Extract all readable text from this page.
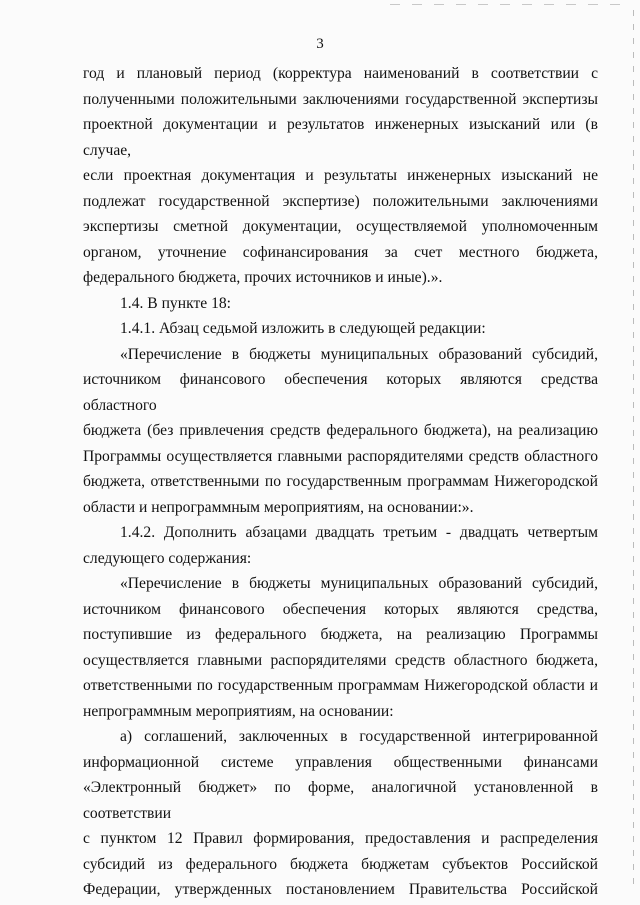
3

год и плановый период (корректура наименований в соответствии с

полученными положительными заключениями государственной экспертизы

проектной документации и результатов инженерных изысканий или (в случае,

если проектная документация и результаты инженерных изысканий не

подлежат государственной экспертизе) положительными заключениями

экспертизы сметной документации, осуществляемой уполномоченным

органом, уточнение софинансирования за счет местного бюджета,

федерального бюджета, прочих источников и иные).».

1.4. В пункте 18:

1.4.1. Абзац седьмой изложить в следующей редакции:

«Перечисление в бюджеты муниципальных образований субсидий,

источником финансового обеспечения которых являются средства областного

бюджета (без привлечения средств федерального бюджета), на реализацию

Программы осуществляется главными распорядителями средств областного

бюджета, ответственными по государственным программам Нижегородской

области и непрограммным мероприятиям, на основании:».

1.4.2. Дополнить абзацами двадцать третьим - двадцать четвертым

следующего содержания:

«Перечисление в бюджеты муниципальных образований субсидий,

источником финансового обеспечения которых являются средства,

поступившие из федерального бюджета, на реализацию Программы

осуществляется главными распорядителями средств областного бюджета,

ответственными по государственным программам Нижегородской области и

непрограммным мероприятиям, на основании:

а) соглашений, заключенных в государственной интегрированной

информационной системе управления общественными финансами

«Электронный бюджет» по форме, аналогичной установленной в соответствии

с пунктом 12 Правил формирования, предоставления и распределения

субсидий из федерального бюджета бюджетам субъектов Российской

Федерации, утвержденных постановлением Правительства Российской
